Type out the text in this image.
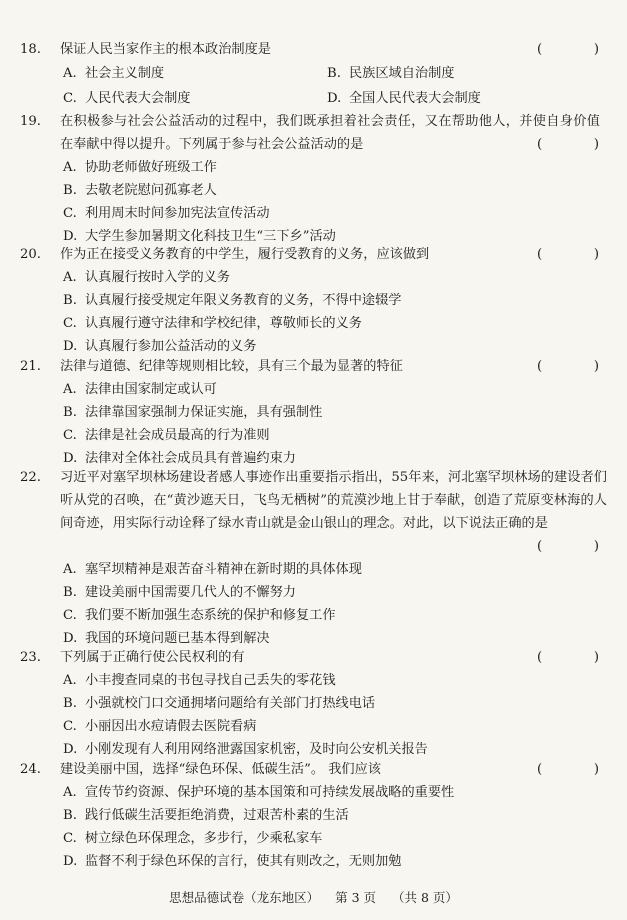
18.	保证人民当家作主的根本政治制度是	(	)
A. 社会主义制度	B. 民族区域自治制度
C. 人民代表大会制度	D. 全国人民代表大会制度
19.	在积极参与社会公益活动的过程中，我们既承担着社会责任，又在帮助他人，并使自身价值在奉献中得以提升。下列属于参与社会公益活动的是	(	)
A. 协助老师做好班级工作
B. 去敬老院慰问孤寡老人
C. 利用周末时间参加宪法宣传活动
D. 大学生参加暑期文化科技卫生“三下乡”活动
20.	作为正在接受义务教育的中学生，履行受教育的义务，应该做到	(	)
A. 认真履行按时入学的义务
B. 认真履行接受规定年限义务教育的义务，不得中途辍学
C. 认真履行遵守法律和学校纪律，尊敬师长的义务
D. 认真履行参加公益活动的义务
21.	法律与道德、纪律等规则相比较，具有三个最为显著的特征	(	)
A. 法律由国家制定或认可
B. 法律靠国家强制力保证实施，具有强制性
C. 法律是社会成员最高的行为准则
D. 法律对全体社会成员具有普遍约束力
22.	习近平对塞罕坝林场建设者感人事迹作出重要指示指出，55年来，河北塞罕坝林场的建设者们听从党的召唤，在“黄沙遮天日，飞鸟无栖树”的荒漠沙地上甘于奉献，创造了荒原变林海的人间奇迹，用实际行动诠释了绿水青山就是金山银山的理念。对此，以下说法正确的是
(	)
A. 塞罕坝精神是艰苦奋斗精神在新时期的具体体现
B. 建设美丽中国需要几代人的不懈努力
C. 我们要不断加强生态系统的保护和修复工作
D. 我国的环境问题已基本得到解决
23.	下列属于正确行使公民权利的有	(	)
A. 小丰搜查同桌的书包寻找自己丢失的零花钱
B. 小强就校门口交通拥堵问题给有关部门打热线电话
C. 小丽因出水痘请假去医院看病
D. 小刚发现有人利用网络泄露国家机密，及时向公安机关报告
24.	建设美丽中国，选择“绿色环保、低碳生活”。 我们应该	(	)
A. 宣传节约资源、保护环境的基本国策和可持续发展战略的重要性
B. 践行低碳生活要拒绝消费，过艰苦朴素的生活
C. 树立绿色环保理念，多步行，少乘私家车
D. 监督不利于绿色环保的言行，使其有则改之，无则加勉
思想品德试卷（龙东地区） 第 3 页 （共 8 页）
